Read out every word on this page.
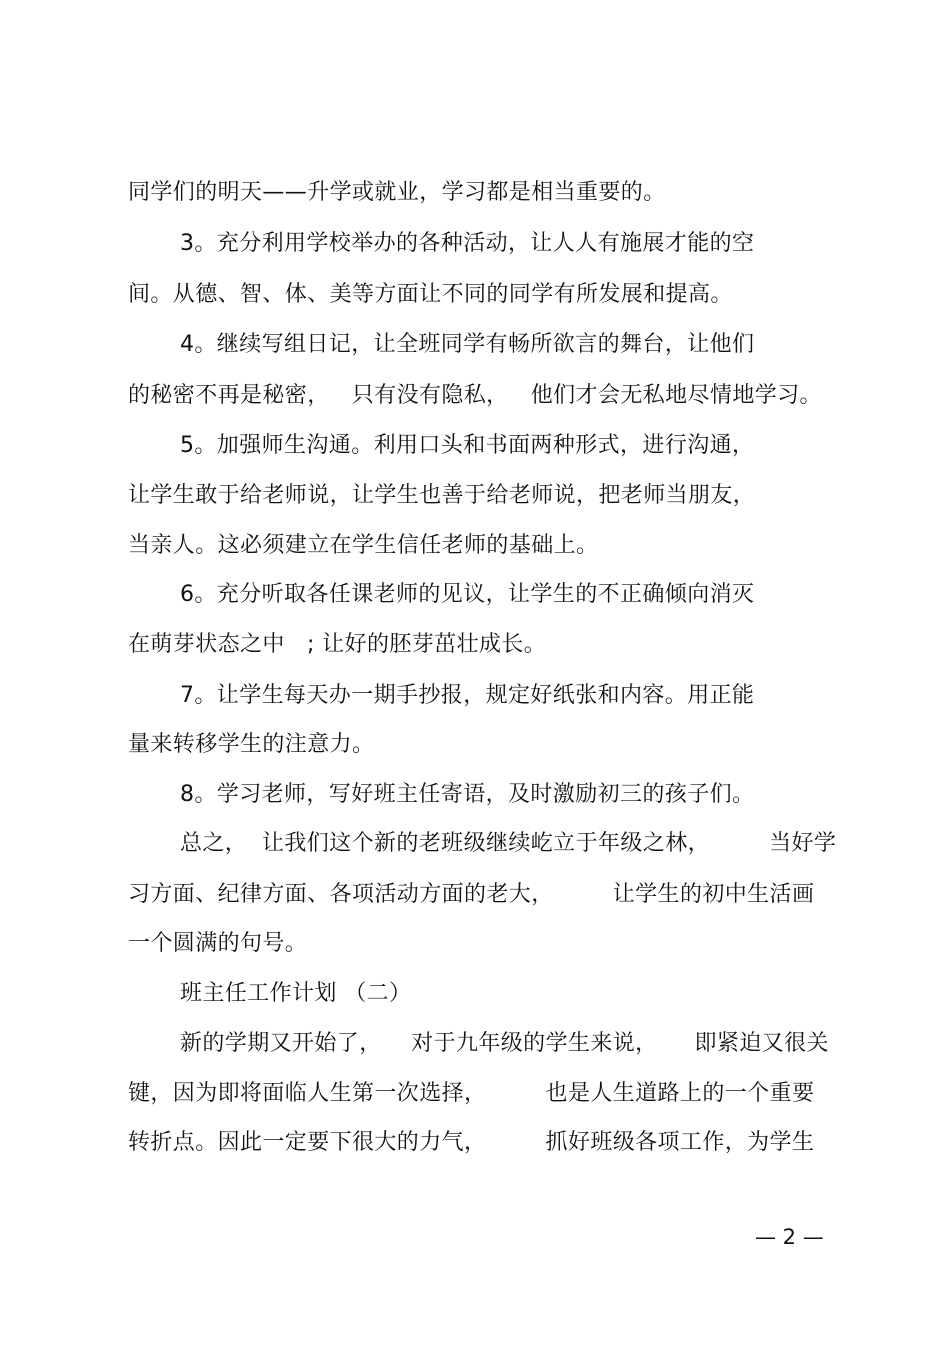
同学们的明天——升学或就业，学习都是相当重要的。
3。充分利用学校举办的各种活动，让人人有施展才能的空
间。从德、智、体、美等方面让不同的同学有所发展和提高。
4。继续写组日记，让全班同学有畅所欲言的舞台，让他们
的秘密不再是秘密，   只有没有隐私，   他们才会无私地尽情地学习。
5。加强师生沟通。利用口头和书面两种形式，进行沟通，
让学生敢于给老师说，让学生也善于给老师说，把老师当朋友，
当亲人。这必须建立在学生信任老师的基础上。
6。充分听取各任课老师的见议，让学生的不正确倾向消灭
在萌芽状态之中   ; 让好的胚芽茁壮成长。
7。让学生每天办一期手抄报，规定好纸张和内容。用正能
量来转移学生的注意力。
8。学习老师，写好班主任寄语，及时激励初三的孩子们。
总之，  让我们这个新的老班级继续屹立于年级之林，        当好学
习方面、纪律方面、各项活动方面的老大，        让学生的初中生活画
一个圆满的句号。
班主任工作计划 （二）
新的学期又开始了，    对于九年级的学生来说，     即紧迫又很关
键，因为即将面临人生第一次选择，        也是人生道路上的一个重要
转折点。因此一定要下很大的力气，        抓好班级各项工作，为学生
— 2 —
